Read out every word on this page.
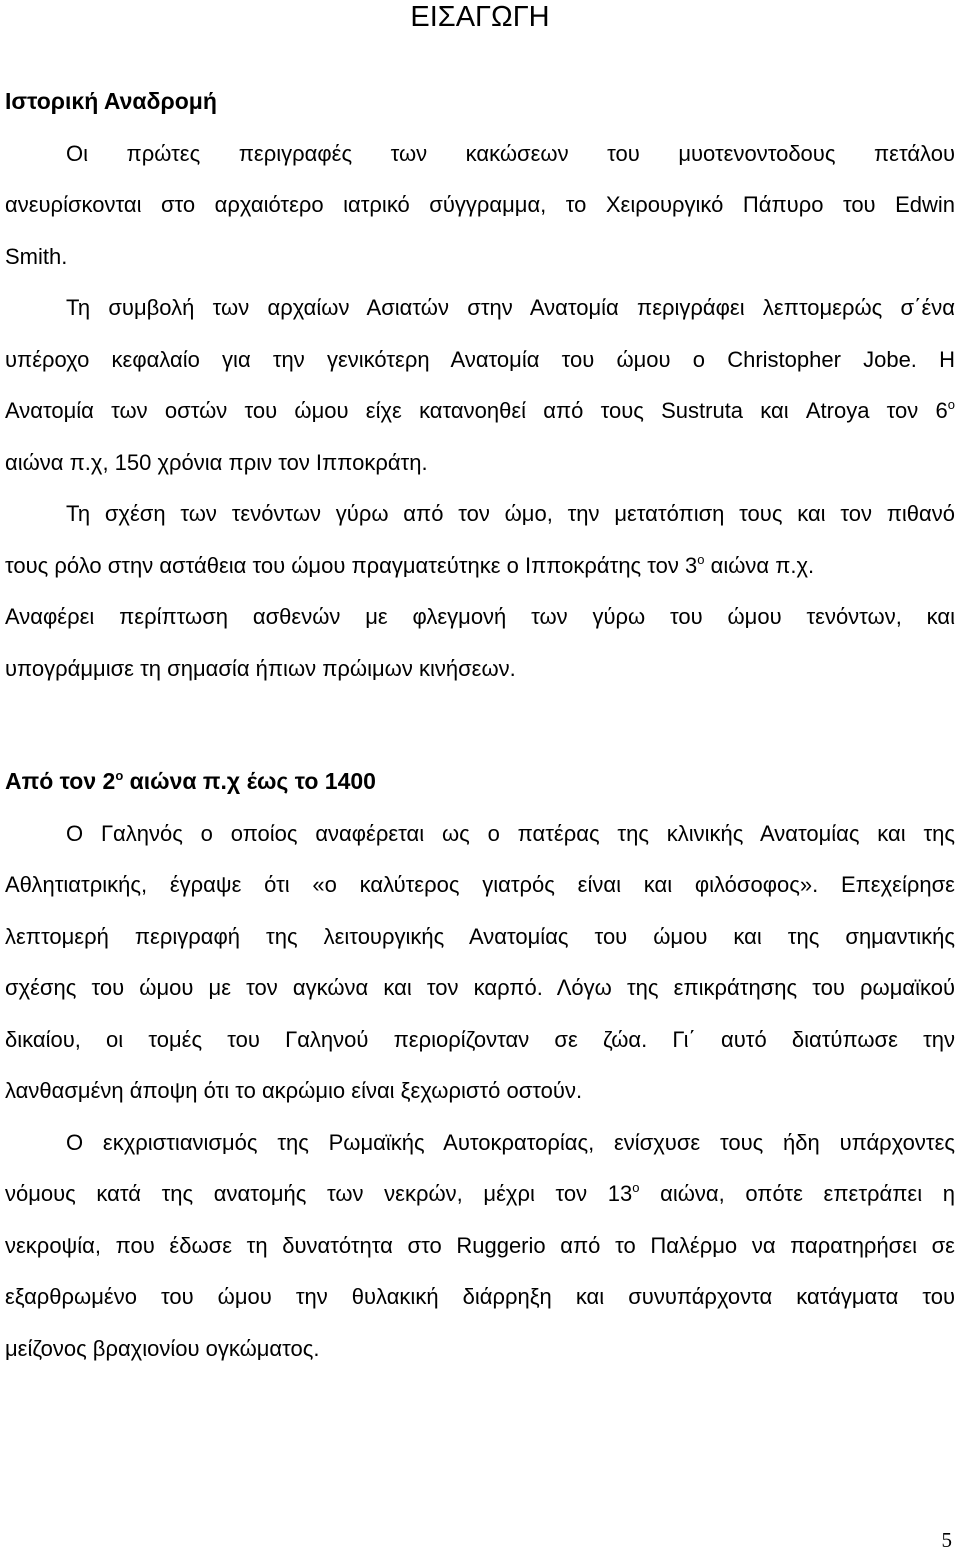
ΕΙΣΑΓΩΓΗ
Ιστορική Αναδρομή
Οι πρώτες περιγραφές των κακώσεων του μυοτενοντοδους πετάλου
ανευρίσκονται στο αρχαιότερο ιατρικό σύγγραμμα, το Χειρουργικό Πάπυρο του Edwin
Smith.
Τη συμβολή των αρχαίων Ασιατών στην Ανατομία περιγράφει λεπτομερώς σ΄ένα
υπέροχο κεφαλαίο για την γενικότερη Ανατομία του ώμου ο Christopher Jobe. Η
Ανατομία των οστών του ώμου είχε κατανοηθεί από τους Sustruta και Atroya τον $6^o$
αιώνα π.χ, 150 χρόνια πριν τον Ιπποκράτη.
Τη σχέση των τενόντων γύρω από τον ώμο, την μετατόπιση τους και τον πιθανό
τους ρόλο στην αστάθεια του ώμου πραγματεύτηκε ο Ιπποκράτης τον $3^o$ αιώνα π.χ.
Αναφέρει περίπτωση ασθενών με φλεγμονή των γύρω του ώμου τενόντων, και
υπογράμμισε τη σημασία ήπιων πρώιμων κινήσεων.
Από τον $2^o$ αιώνα π.χ έως το 1400
Ο Γαληνός ο οποίος αναφέρεται ως ο πατέρας της κλινικής Ανατομίας και της
Αθλητιατρικής, έγραψε ότι «ο καλύτερος γιατρός είναι και φιλόσοφος». Επεχείρησε
λεπτομερή περιγραφή της λειτουργικής Ανατομίας του ώμου και της σημαντικής
σχέσης του ώμου με τον αγκώνα και τον καρπό. Λόγω της επικράτησης του ρωμαϊκού
δικαίου, οι τομές του Γαληνού περιορίζονταν σε ζώα. Γι΄ αυτό διατύπωσε την
λανθασμένη άποψη ότι το ακρώμιο είναι ξεχωριστό οστούν.
Ο εκχριστιανισμός της Ρωμαϊκής Αυτοκρατορίας, ενίσχυσε τους ήδη υπάρχοντες
νόμους κατά της ανατομής των νεκρών, μέχρι τον $13^o$ αιώνα, οπότε επετράπει η
νεκροψία, που έδωσε τη δυνατότητα στο Ruggerio από το Παλέρμο να παρατηρήσει σε
εξαρθρωμένο του ώμου την θυλακική διάρρηξη και συνυπάρχοντα κατάγματα του
μείζονος βραχιονίου ογκώματος.
5
